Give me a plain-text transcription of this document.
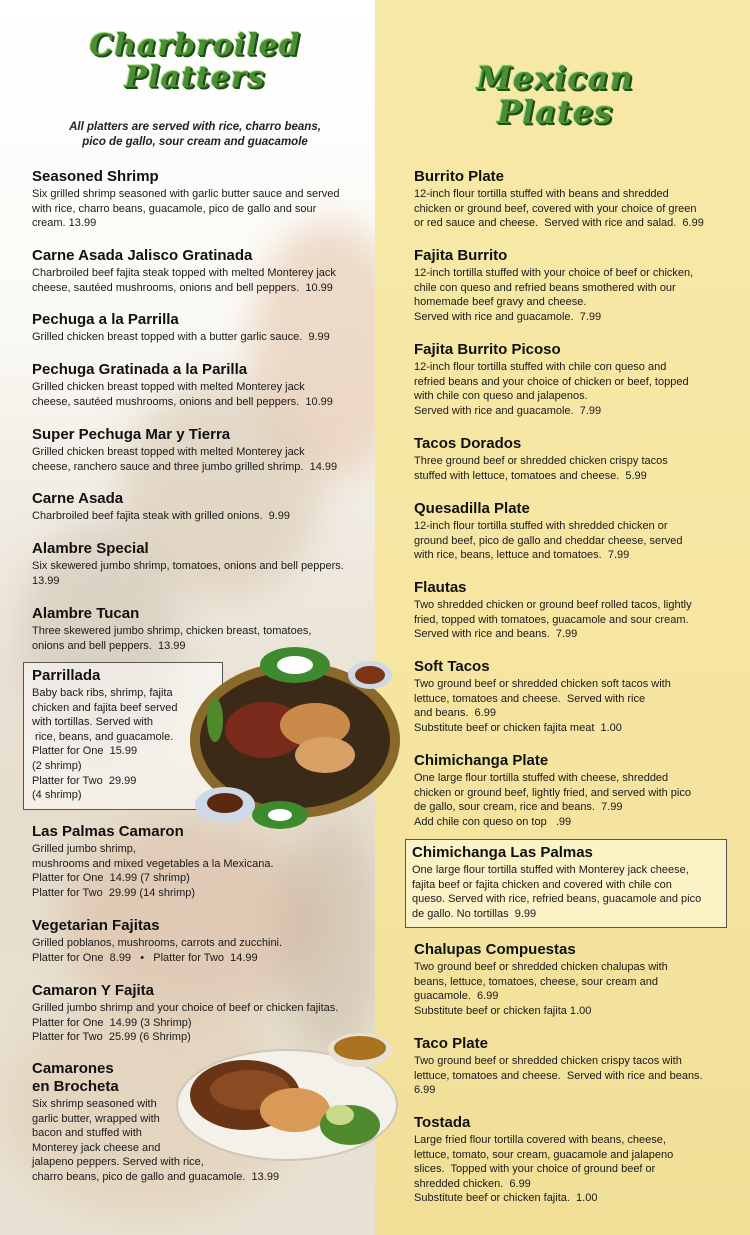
Charbroiled
Platters
All platters are served with rice, charro beans,
pico de gallo, sour cream and guacamole
Mexican
Plates
Seasoned Shrimp
Six grilled shrimp seasoned with garlic butter sauce and served
with rice, charro beans, guacamole, pico de gallo and sour
cream. 13.99
Carne Asada Jalisco Gratinada
Charbroiled beef fajita steak topped with melted Monterey jack
cheese, sautéed mushrooms, onions and bell peppers.  10.99
Pechuga a la Parrilla
Grilled chicken breast topped with a butter garlic sauce.  9.99
Pechuga Gratinada a la Parilla
Grilled chicken breast topped with melted Monterey jack
cheese, sautéed mushrooms, onions and bell peppers.  10.99
Super Pechuga Mar y Tierra
Grilled chicken breast topped with melted Monterey jack
cheese, ranchero sauce and three jumbo grilled shrimp.  14.99
Carne Asada
Charbroiled beef fajita steak with grilled onions.  9.99
Alambre Special
Six skewered jumbo shrimp, tomatoes, onions and bell peppers.
13.99
Alambre Tucan
Three skewered jumbo shrimp, chicken breast, tomatoes,
onions and bell peppers.  13.99
Parrillada
Baby back ribs, shrimp, fajita
chicken and fajita beef served
with tortillas. Served with
rice, beans, and guacamole.
Platter for One  15.99
(2 shrimp)
Platter for Two  29.99
(4 shrimp)
Las Palmas Camaron
Grilled jumbo shrimp,
mushrooms and mixed vegetables a la Mexicana.
Platter for One  14.99 (7 shrimp)
Platter for Two  29.99 (14 shrimp)
Vegetarian Fajitas
Grilled poblanos, mushrooms, carrots and zucchini.
Platter for One  8.99   •   Platter for Two  14.99
Camaron Y Fajita
Grilled jumbo shrimp and your choice of beef or chicken fajitas.
Platter for One  14.99 (3 Shrimp)
Platter for Two  25.99 (6 Shrimp)
Camarones
en Brocheta
Six shrimp seasoned with
garlic butter, wrapped with
bacon and stuffed with
Monterey jack cheese and
jalapeno peppers. Served with rice,
charro beans, pico de gallo and guacamole.  13.99
Burrito Plate
12-inch flour tortilla stuffed with beans and shredded
chicken or ground beef, covered with your choice of green
or red sauce and cheese.  Served with rice and salad.  6.99
Fajita Burrito
12-inch tortilla stuffed with your choice of beef or chicken,
chile con queso and refried beans smothered with our
homemade beef gravy and cheese.
Served with rice and guacamole.  7.99
Fajita Burrito Picoso
12-inch flour tortilla stuffed with chile con queso and
refried beans and your choice of chicken or beef, topped
with chile con queso and jalapenos.
Served with rice and guacamole.  7.99
Tacos Dorados
Three ground beef or shredded chicken crispy tacos
stuffed with lettuce, tomatoes and cheese.  5.99
Quesadilla Plate
12-inch flour tortilla stuffed with shredded chicken or
ground beef, pico de gallo and cheddar cheese, served
with rice, beans, lettuce and tomatoes.  7.99
Flautas
Two shredded chicken or ground beef rolled tacos, lightly
fried, topped with tomatoes, guacamole and sour cream.
Served with rice and beans.  7.99
Soft Tacos
Two ground beef or shredded chicken soft tacos with
lettuce, tomatoes and cheese.  Served with rice
and beans.  6.99
Substitute beef or chicken fajita meat  1.00
Chimichanga Plate
One large flour tortilla stuffed with cheese, shredded
chicken or ground beef, lightly fried, and served with pico
de gallo, sour cream, rice and beans.  7.99
Add chile con queso on top   .99
Chimichanga Las Palmas
One large flour tortilla stuffed with Monterey jack cheese,
fajita beef or fajita chicken and covered with chile con
queso. Served with rice, refried beans, guacamole and pico
de gallo. No tortillas  9.99
Chalupas Compuestas
Two ground beef or shredded chicken chalupas with
beans, lettuce, tomatoes, cheese, sour cream and
guacamole.  6.99
Substitute beef or chicken fajita 1.00
Taco Plate
Two ground beef or shredded chicken crispy tacos with
lettuce, tomatoes and cheese.  Served with rice and beans.
6.99
Tostada
Large fried flour tortilla covered with beans, cheese,
lettuce, tomato, sour cream, guacamole and jalapeno
slices.  Topped with your choice of ground beef or
shredded chicken.  6.99
Substitute beef or chicken fajita.  1.00
